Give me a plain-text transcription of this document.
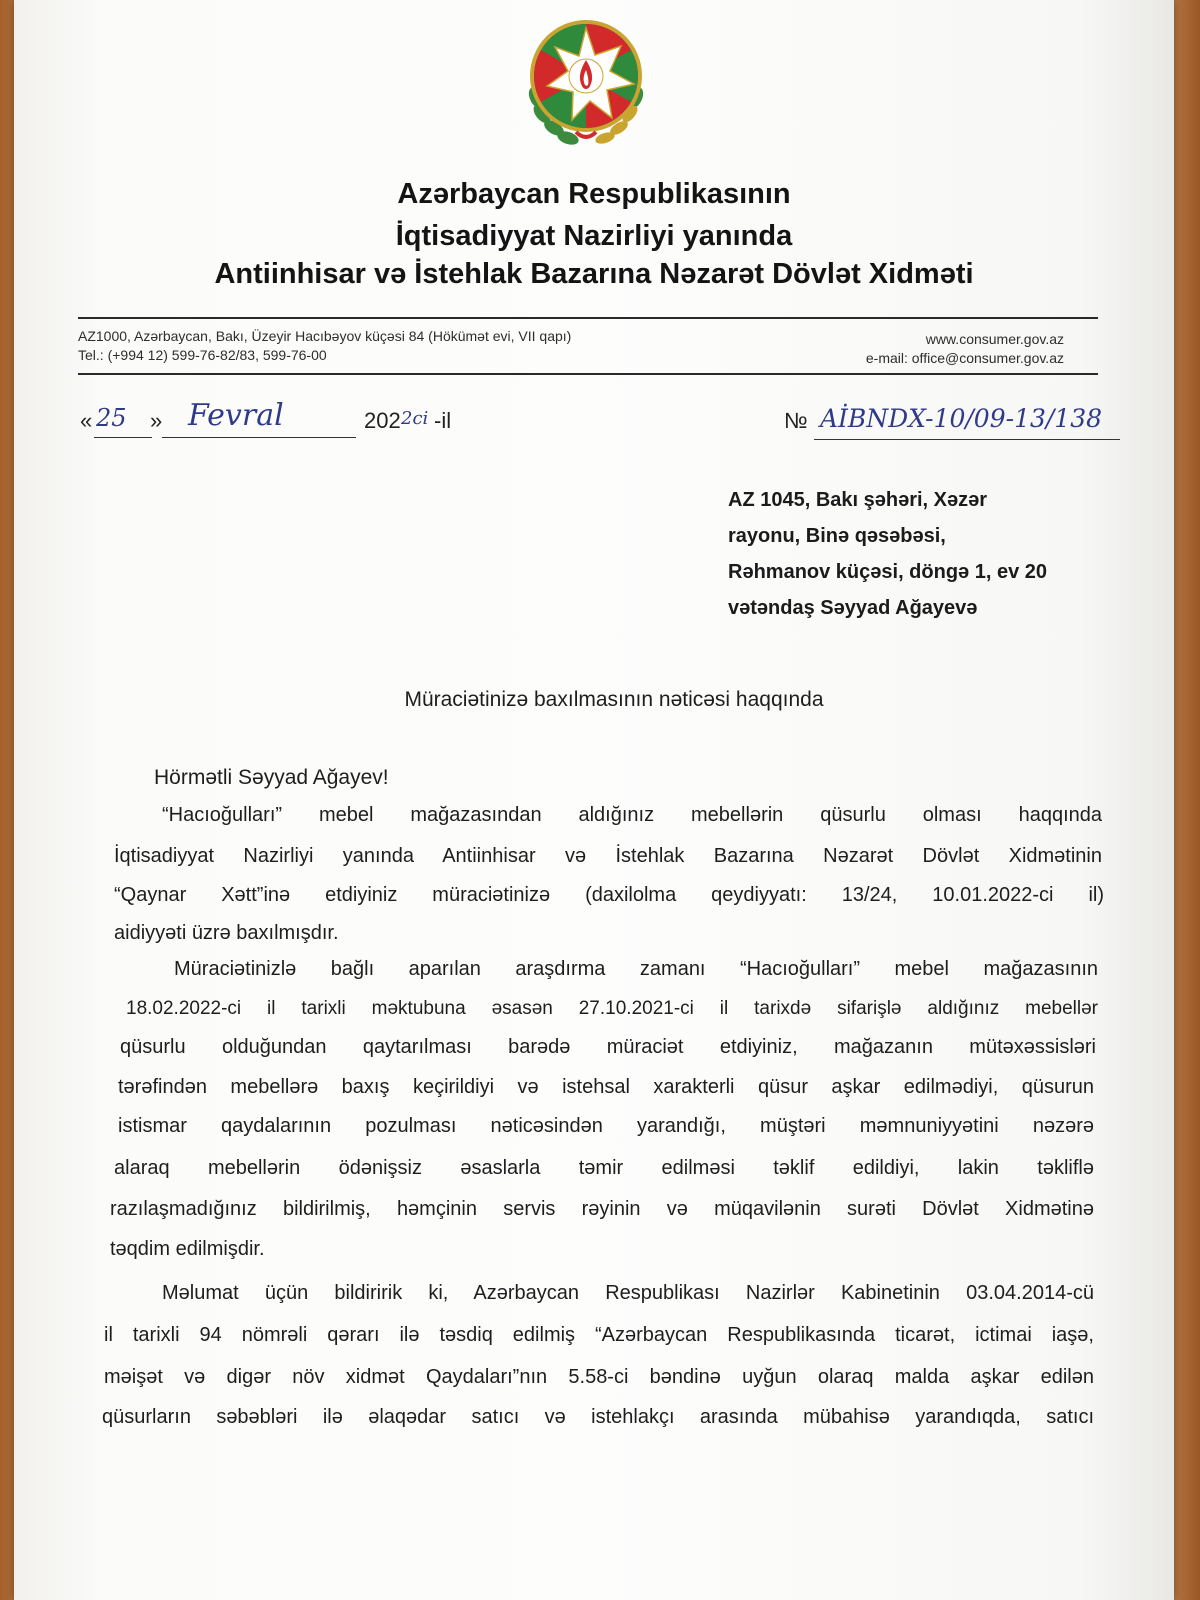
Azərbaycan Respublikasının
İqtisadiyyat Nazirliyi yanında
Antiinhisar və İstehlak Bazarına Nəzarət Dövlət Xidməti
AZ1000, Azərbaycan, Bakı, Üzeyir Hacıbəyov küçəsi 84 (Hökümət evi, VII qapı)
Tel.: (+994 12) 599-76-82/83, 599-76-00
www.consumer.gov.az
e-mail: office@consumer.gov.az
« 25 » Fevral	202 2ci -il	№ AİBNDX-10/09-13/138
AZ 1045, Bakı şəhəri, Xəzər
rayonu, Binə qəsəbəsi,
Rəhmanov küçəsi, döngə 1, ev 20
vətəndaş Səyyad Ağayevə
Müraciətinizə baxılmasının nəticəsi haqqında
Hörmətli Səyyad Ağayev!
“Hacıoğulları” mebel mağazasından aldığınız mebellərin qüsurlu olması haqqında
İqtisadiyyat Nazirliyi yanında Antiinhisar və İstehlak Bazarına Nəzarət Dövlət Xidmətinin
“Qaynar Xətt”inə etdiyiniz müraciətinizə (daxilolma qeydiyyatı: 13/24, 10.01.2022-ci il)
aidiyyəti üzrə baxılmışdır.
Müraciətinizlə bağlı aparılan araşdırma zamanı “Hacıoğulları” mebel mağazasının
18.02.2022-ci il tarixli məktubuna əsasən 27.10.2021-ci il tarixdə sifarişlə aldığınız mebellər
qüsurlu olduğundan qaytarılması barədə müraciət etdiyiniz, mağazanın mütəxəssisləri
tərəfindən mebellərə baxış keçirildiyi və istehsal xarakterli qüsur aşkar edilmədiyi, qüsurun
istismar qaydalarının pozulması nəticəsindən yarandığı, müştəri məmnuniyyətini nəzərə
alaraq mebellərin ödənişsiz əsaslarla təmir edilməsi təklif edildiyi, lakin təkliflə
razılaşmadığınız bildirilmiş, həmçinin servis rəyinin və müqavilənin surəti Dövlət Xidmətinə
təqdim edilmişdir.
Məlumat üçün bildiririk ki, Azərbaycan Respublikası Nazirlər Kabinetinin 03.04.2014-cü
il tarixli 94 nömrəli qərarı ilə təsdiq edilmiş “Azərbaycan Respublikasında ticarət, ictimai iaşə,
məişət və digər növ xidmət Qaydaları”nın 5.58-ci bəndinə uyğun olaraq malda aşkar edilən
qüsurların səbəbləri ilə əlaqədar satıcı və istehlakçı arasında mübahisə yarandıqda, satıcı
